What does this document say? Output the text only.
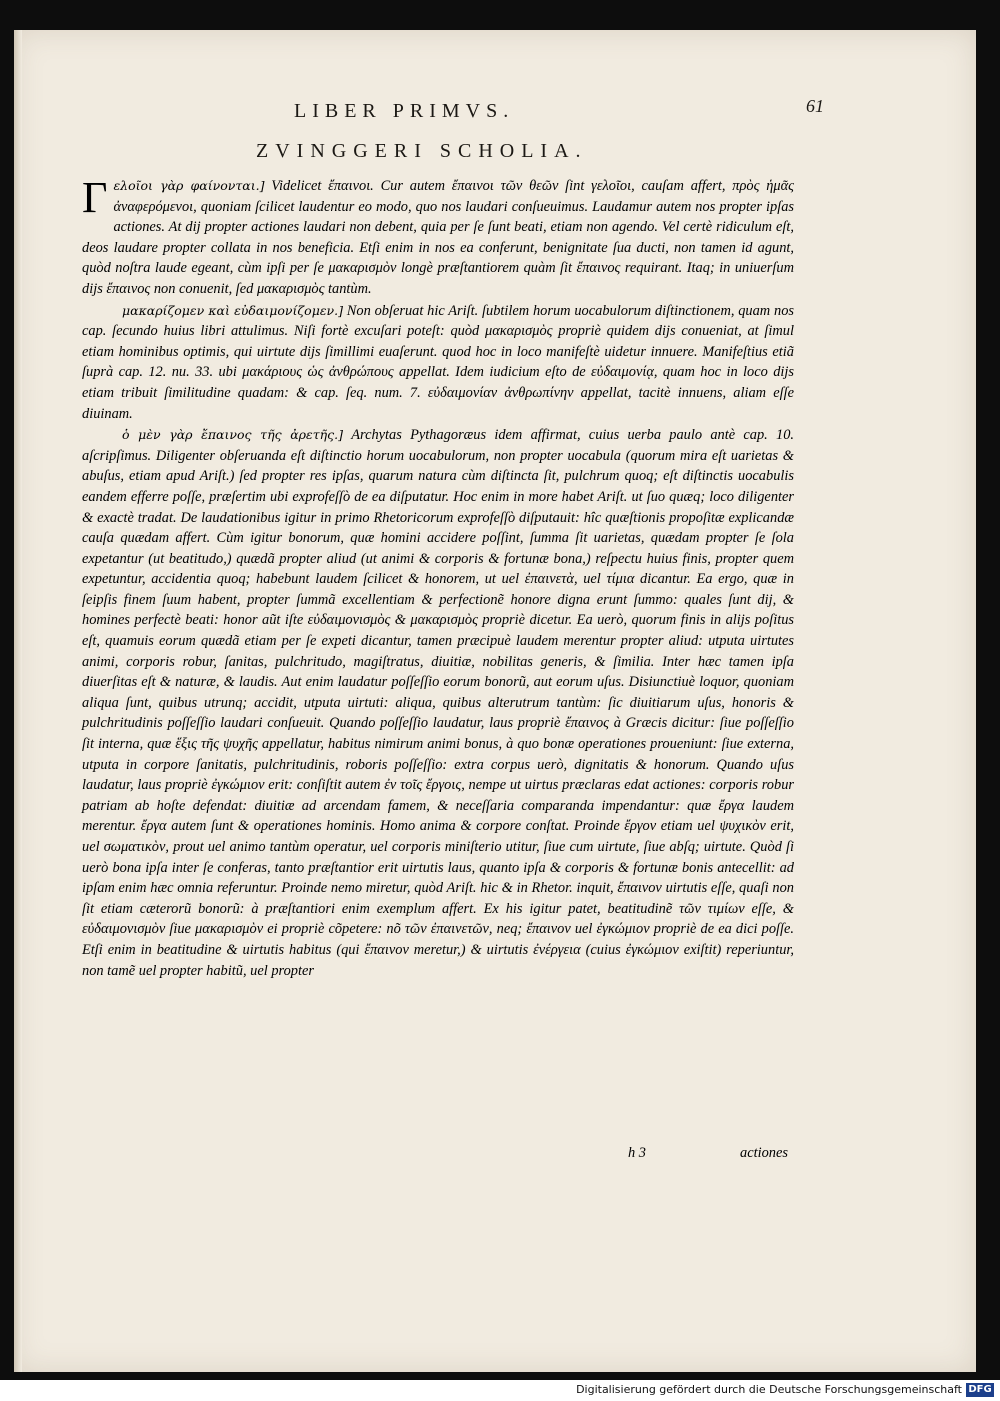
LIBER PRIMVS.	61
ZVINGGERI SCHOLIA.

Γ ελοῖοι γὰρ φαίνονται.] Videlicet ἔπαινοι. Cur autem ἔπαινοι τῶν θεῶν ſint γελοῖοι, cauſam affert, πρὸς ἡμᾶς ἀναφερόμενοι, quoniam ſcilicet laudentur eo modo, quo nos laudari conſueuimus. Laudamur autem nos propter ipſas actiones. At dij propter actiones laudari non debent, quia per ſe ſunt beati, etiam non agendo. Vel certè ridiculum eſt, deos laudare propter collata in nos beneficia. Etſi enim in nos ea conferunt, benignitate ſua ducti, non tamen id agunt, quòd noſtra laude egeant, cùm ipſi per ſe μακαρισμὸν longè præſtantiorem quàm ſit ἔπαινος requirant. Itaq; in uniuerſum dijs ἔπαινος non conuenit, ſed μακαρισμὸς tantùm.

μακαρίζομεν καὶ εὐδαιμονίζομεν.] Non obſeruat hic Ariſt. ſubtilem horum uocabulorum diſtinctionem, quam nos cap. ſecundo huius libri attulimus. Niſi fortè excuſari poteſt: quòd μακαρισμὸς propriè quidem dijs conueniat, at ſimul etiam hominibus optimis, qui uirtute dijs ſimillimi euaſerunt. quod hoc in loco manifeſtè uidetur innuere. Manifeſtius etiã ſuprà cap. 12. nu. 33. ubi μακάριους ὡς ἀνθρώπους appellat. Idem iudicium eſto de εὐδαιμονίᾳ, quam hoc in loco dijs etiam tribuit ſimilitudine quadam: & cap. ſeq. num. 7. εὐδαιμονίαν ἀνθρωπίνην appellat, tacitè innuens, aliam eſſe diuinam.

ὁ μὲν γὰρ ἔπαινος τῆς ἀρετῆς.] Archytas Pythagoræus idem affirmat, cuius uerba paulo antè cap. 10. aſcripſimus. Diligenter obſeruanda eſt diſtinctio horum uocabulorum, non propter uocabula (quorum mira eſt uarietas & abuſus, etiam apud Ariſt.) ſed propter res ipſas, quarum natura cùm diſtincta ſit, pulchrum quoq; eſt diſtinctis uocabulis eandem efferre poſſe, præſertim ubi exprofeſſò de ea diſputatur. Hoc enim in more habet Ariſt. ut ſuo quæq; loco diligenter & exactè tradat. De laudationibus igitur in primo Rhetoricorum exprofeſſò diſputauit: hîc quæſtionis propoſitæ explicandæ cauſa quædam affert. Cùm igitur bonorum, quæ homini accidere poſſint, ſumma ſit uarietas, quædam propter ſe ſola expetantur (ut beatitudo,) quædã propter aliud (ut animi & corporis & fortunæ bona,) reſpectu huius finis, propter quem expetuntur, accidentia quoq; habebunt laudem ſcilicet & honorem, ut uel ἐπαινετὰ, uel τίμια dicantur. Ea ergo, quæ in ſeipſis finem ſuum habent, propter ſummã excellentiam & perfectionẽ honore digna erunt ſummo: quales ſunt dij, & homines perfectè beati: honor aũt iſte εὐδαιμονισμὸς & μακαρισμὸς propriè dicetur. Ea uerò, quorum finis in alijs poſitus eſt, quamuis eorum quædã etiam per ſe expeti dicantur, tamen præcipuè laudem merentur propter aliud: utputa uirtutes animi, corporis robur, ſanitas, pulchritudo, magiſtratus, diuitiæ, nobilitas generis, & ſimilia. Inter hæc tamen ipſa diuerſitas eſt & naturæ, & laudis. Aut enim laudatur poſſeſſio eorum bonorũ, aut eorum uſus. Disiunctiuè loquor, quoniam aliqua ſunt, quibus utrunq; accidit, utputa uirtuti: aliqua, quibus alterutrum tantùm: ſic diuitiarum uſus, honoris & pulchritudinis poſſeſſio laudari conſueuit. Quando poſſeſſio laudatur, laus propriè ἔπαινος à Græcis dicitur: ſiue poſſeſſio ſit interna, quæ ἕξις τῆς ψυχῆς appellatur, habitus nimirum animi bonus, à quo bonæ operationes proueniunt: ſiue externa, utputa in corpore ſanitatis, pulchritudinis, roboris poſſeſſio: extra corpus uerò, dignitatis & honorum. Quando uſus laudatur, laus propriè ἐγκώμιον erit: conſiſtit autem ἐν τοῖς ἔργοις, nempe ut uirtus præclaras edat actiones: corporis robur patriam ab hoſte defendat: diuitiæ ad arcendam famem, & neceſſaria comparanda impendantur: quæ ἔργα laudem merentur. ἔργα autem ſunt & operationes hominis. Homo anima & corpore conſtat. Proinde ἔργον etiam uel ψυχικὸν erit, uel σωματικὸν, prout uel animo tantùm operatur, uel corporis miniſterio utitur, ſiue cum uirtute, ſiue abſq; uirtute. Quòd ſi uerò bona ipſa inter ſe conferas, tanto præſtantior erit uirtutis laus, quanto ipſa & corporis & fortunæ bonis antecellit: ad ipſam enim hæc omnia referuntur. Proinde nemo miretur, quòd Ariſt. hic & in Rhetor. inquit, ἔπαινον uirtutis eſſe, quaſi non ſit etiam cæterorũ bonorũ: à præſtantiori enim exemplum affert. Ex his igitur patet, beatitudinẽ τῶν τιμίων eſſe, & εὐδαιμονισμὸν ſiue μακαρισμὸν ei propriè cõpetere: nõ τῶν ἐπαινετῶν, neq; ἔπαινον uel ἐγκώμιον propriè de ea dici poſſe. Etſi enim in beatitudine & uirtutis habitus (qui ἔπαινον meretur,) & uirtutis ἐνέργεια (cuius ἐγκώμιον exiſtit) reperiuntur, non tamẽ uel propter habitũ, uel propter

h 3	actiones
Digitalisierung gefördert durch die Deutsche Forschungsgemeinschaft DFG
